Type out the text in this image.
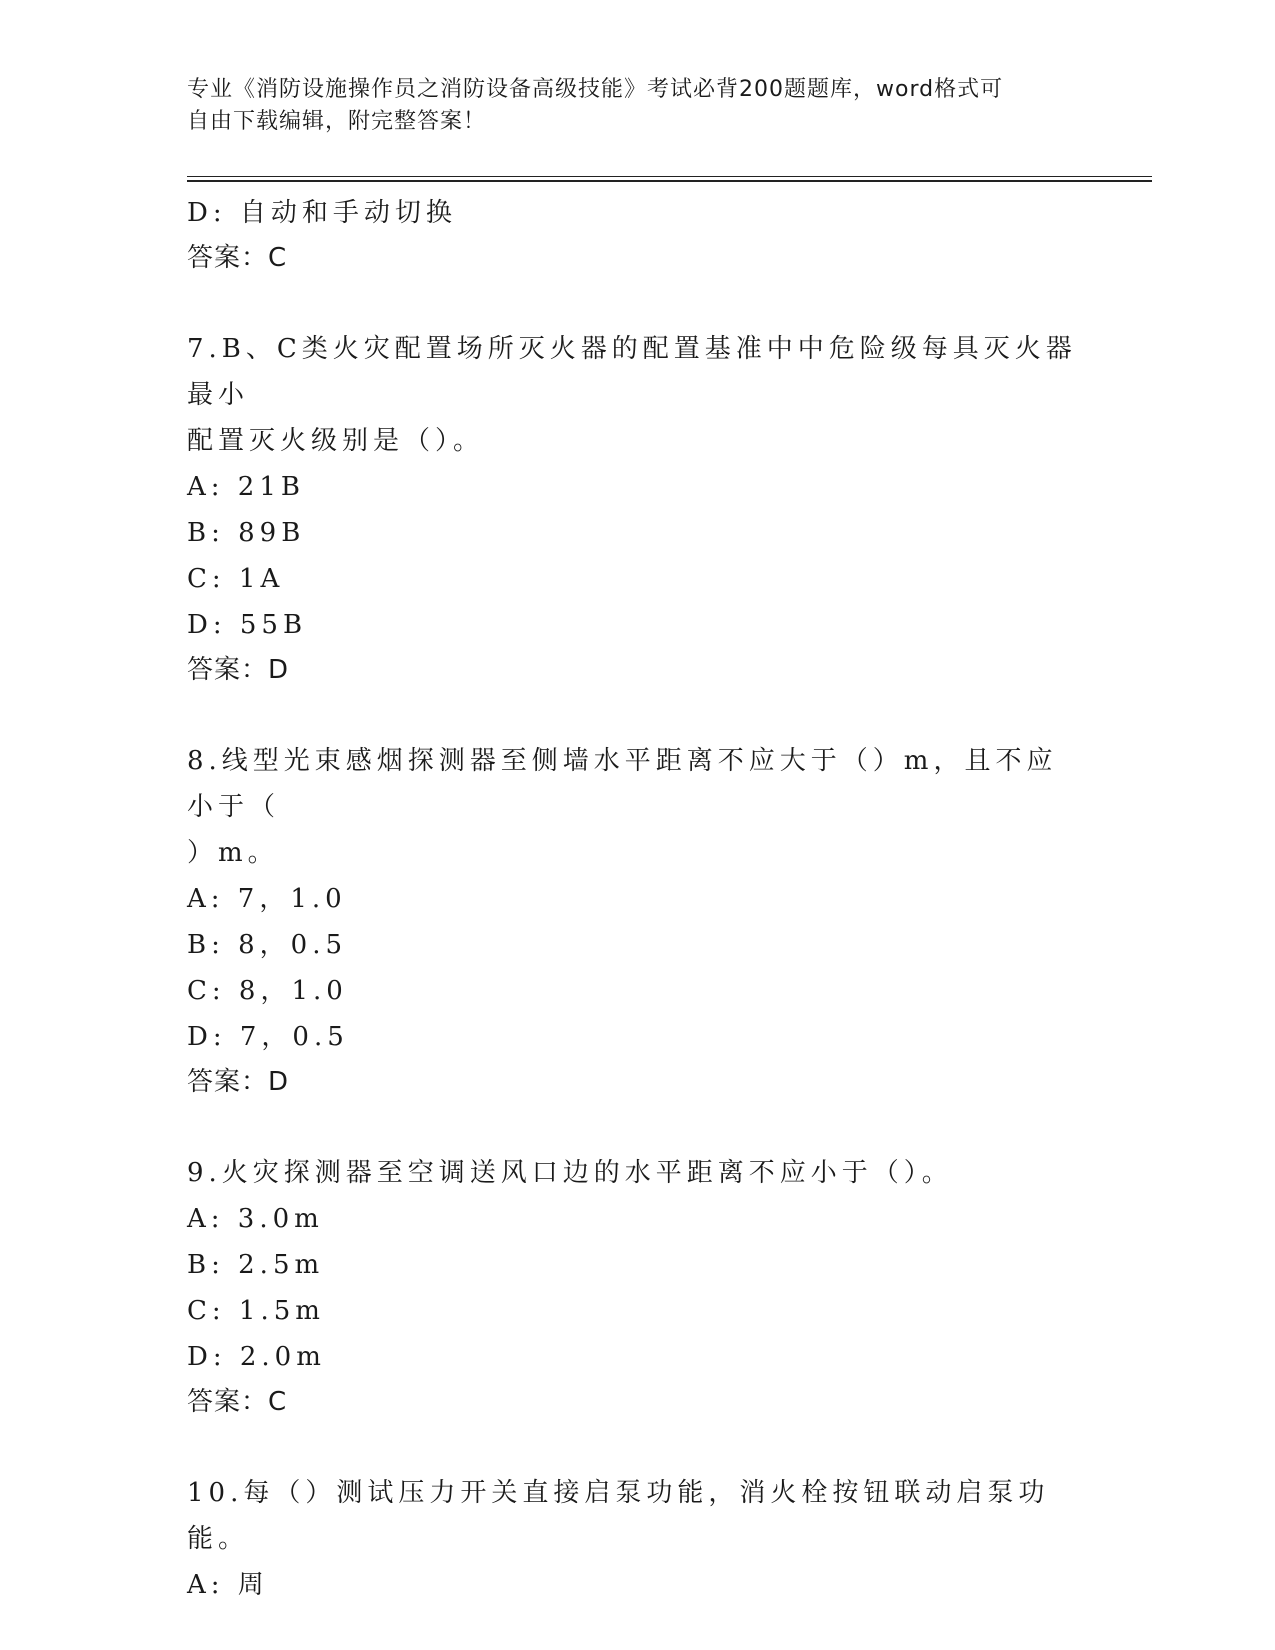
专业《消防设施操作员之消防设备高级技能》考试必背200题题库，word格式可
自由下载编辑，附完整答案！
D: 自动和手动切换
答案：C
7.B、C类火灾配置场所灭火器的配置基准中中危险级每具灭火器最小
配置灭火级别是（）。
A: 21B
B: 89B
C: 1A
D: 55B
答案：D
8.线型光束感烟探测器至侧墙水平距离不应大于（）m，且不应小于（
）m。
A: 7，1.0
B: 8，0.5
C: 8，1.0
D: 7，0.5
答案：D
9.火灾探测器至空调送风口边的水平距离不应小于（）。
A: 3.0m
B: 2.5m
C: 1.5m
D: 2.0m
答案：C
10.每（）测试压力开关直接启泵功能，消火栓按钮联动启泵功能。
A: 周
